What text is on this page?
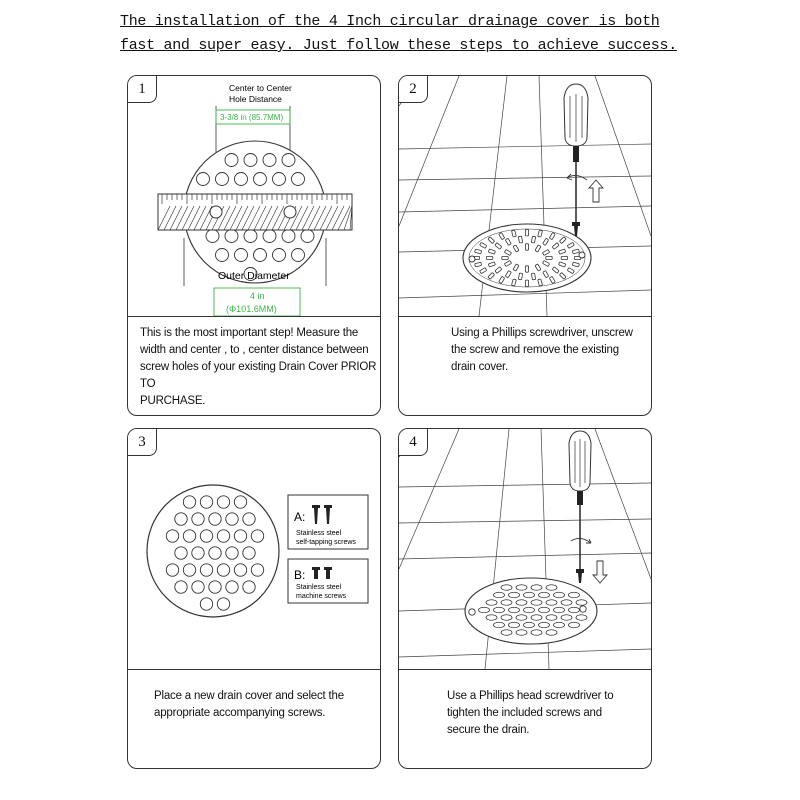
The installation of the 4 Inch circular drainage cover is both
fast and super easy. Just follow these steps to achieve success.
Center to Center
Hole Distance
3-3/8 in (85.7MM)
Outer Diameter
4 in
(Φ101.6MM)
1
This is the most important step! Measure the
width and center , to , center distance between
screw holes of your existing Drain Cover PRIOR TO
PURCHASE.
2
Using a Phillips screwdriver, unscrew
the screw and remove the existing
drain cover.
A:
Stainless steel
self-tapping screws
B:
Stainless steel
machine screws
3
Place a new drain cover and select the
appropriate accompanying screws.
4
Use a Phillips head screwdriver to
tighten the included screws and
secure the drain.
